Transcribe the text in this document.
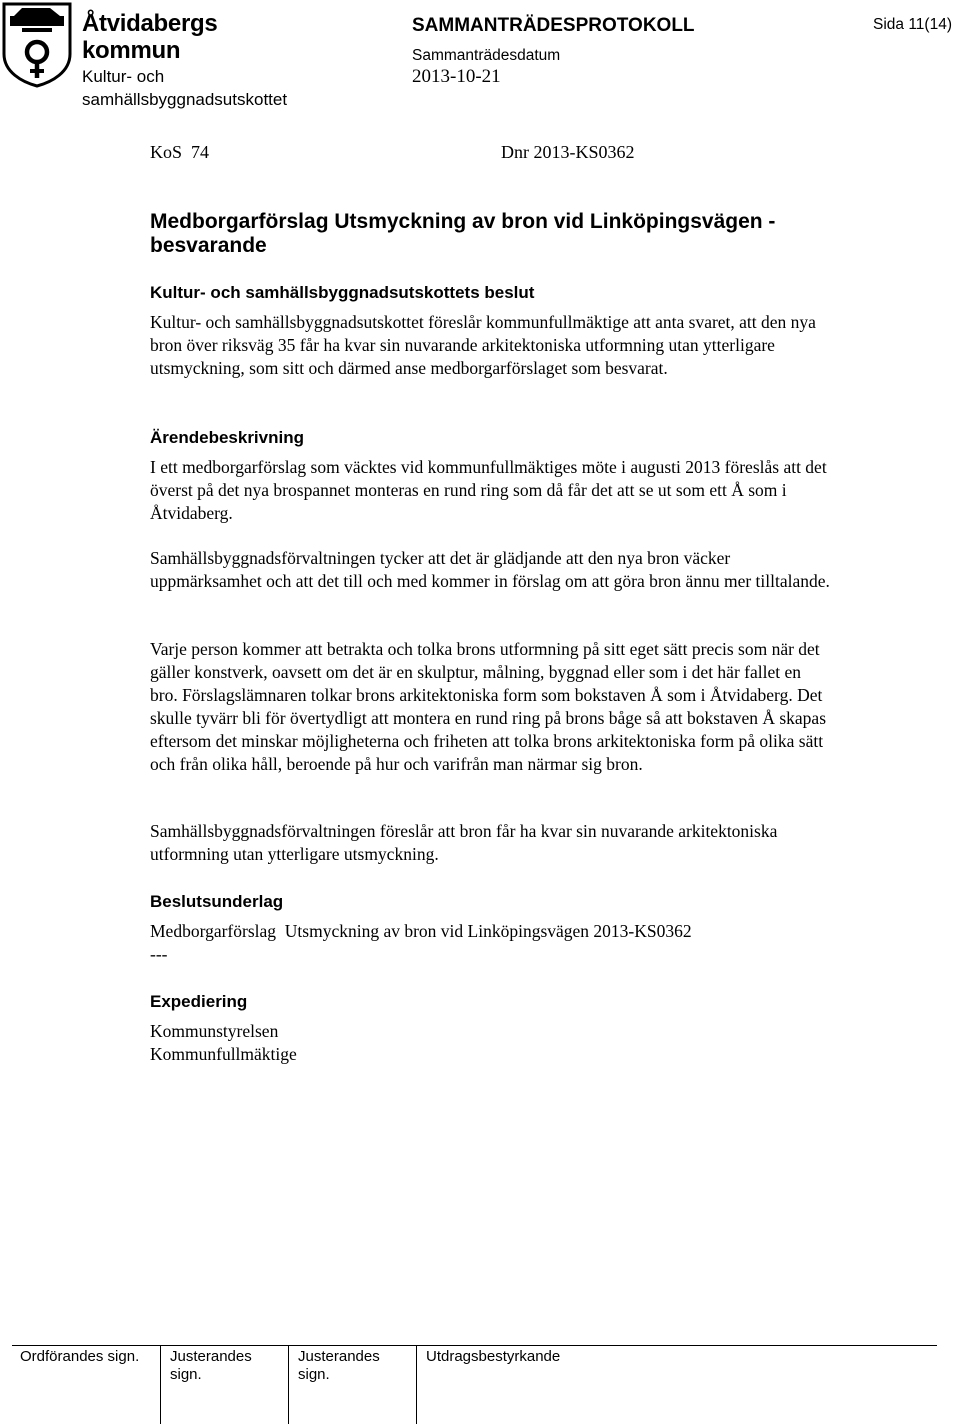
Åtvidabergs
kommun
Kultur- och
samhällsbyggnadsutskottet
SAMMANTRÄDESPROTOKOLL
Sammanträdesdatum
2013-10-21
Sida 11(14)
KoS  74	Dnr 2013-KS0362
Medborgarförslag Utsmyckning av bron vid Linköpingsvägen - besvarande
Kultur- och samhällsbyggnadsutskottets beslut
Kultur- och samhällsbyggnadsutskottet föreslår kommunfullmäktige att anta svaret, att den nya bron över riksväg 35 får ha kvar sin nuvarande arkitektoniska utformning utan ytterligare utsmyckning, som sitt och därmed anse medborgarförslaget som besvarat.
Ärendebeskrivning
I ett medborgarförslag som väcktes vid kommunfullmäktiges möte i augusti 2013 föreslås att det överst på det nya brospannet monteras en rund ring som då får det att se ut som ett Å som i Åtvidaberg.
Samhällsbyggnadsförvaltningen tycker att det är glädjande att den nya bron väcker uppmärksamhet och att det till och med kommer in förslag om att göra bron ännu mer tilltalande.
Varje person kommer att betrakta och tolka brons utformning på sitt eget sätt precis som när det gäller konstverk, oavsett om det är en skulptur, målning, byggnad eller som i det här fallet en bro. Förslagslämnaren tolkar brons arkitektoniska form som bokstaven Å som i Åtvidaberg. Det skulle tyvärr bli för övertydligt att montera en rund ring på brons båge så att bokstaven Å skapas eftersom det minskar möjligheterna och friheten att tolka brons arkitektoniska form på olika sätt och från olika håll, beroende på hur och varifrån man närmar sig bron.
Samhällsbyggnadsförvaltningen föreslår att bron får ha kvar sin nuvarande arkitektoniska utformning utan ytterligare utsmyckning.
Beslutsunderlag
Medborgarförslag  Utsmyckning av bron vid Linköpingsvägen 2013-KS0362
---
Expediering
Kommunstyrelsen
Kommunfullmäktige
Ordförandes sign. Justerandes
sign.
Justerandes
sign.
Utdragsbestyrkande
